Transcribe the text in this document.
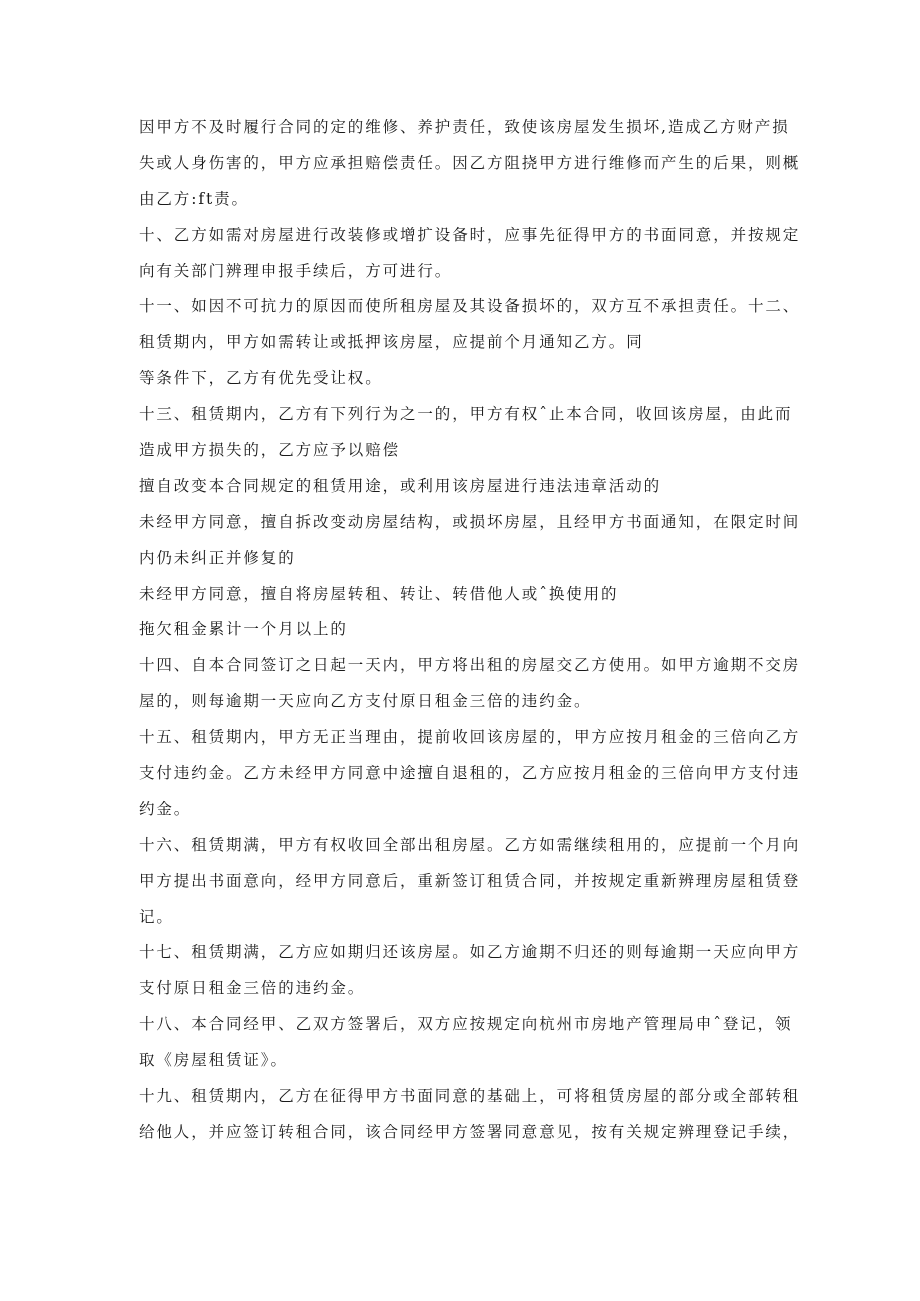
因甲方不及时履行合同的定的维修、养护责任，致使该房屋发生损坏,造成乙方财产损
失或人身伤害的，甲方应承担赔偿责任。因乙方阻挠甲方进行维修而产生的后果，则概
由乙方:ft责。
十、乙方如需对房屋进行改装修或增扩设备时，应事先征得甲方的书面同意，并按规定
向有关部门辨理申报手续后，方可进行。
十一、如因不可抗力的原因而使所租房屋及其设备损坏的，双方互不承担责任。十二、
租赁期内，甲方如需转让或抵押该房屋，应提前个月通知乙方。同
等条件下，乙方有优先受让权。
十三、租赁期内，乙方有下列行为之一的，甲方有权ˆ止本合同，收回该房屋，由此而
造成甲方损失的，乙方应予以赔偿
擅自改变本合同规定的租赁用途，或利用该房屋进行违法违章活动的
未经甲方同意，擅自拆改变动房屋结构，或损坏房屋，且经甲方书面通知，在限定时间
内仍未纠正并修复的
未经甲方同意，擅自将房屋转租、转让、转借他人或ˆ换使用的
拖欠租金累计一个月以上的
十四、自本合同签订之日起一天内，甲方将出租的房屋交乙方使用。如甲方逾期不交房
屋的，则每逾期一天应向乙方支付原日租金三倍的违约金。
十五、租赁期内，甲方无正当理由，提前收回该房屋的，甲方应按月租金的三倍向乙方
支付违约金。乙方未经甲方同意中途擅自退租的，乙方应按月租金的三倍向甲方支付违
约金。
十六、租赁期满，甲方有权收回全部出租房屋。乙方如需继续租用的，应提前一个月向
甲方提出书面意向，经甲方同意后，重新签订租赁合同，并按规定重新辨理房屋租赁登
记。
十七、租赁期满，乙方应如期归还该房屋。如乙方逾期不归还的则每逾期一天应向甲方
支付原日租金三倍的违约金。
十八、本合同经甲、乙双方签署后，双方应按规定向杭州市房地产管理局申ˆ登记，领
取《房屋租赁证》。
十九、租赁期内，乙方在征得甲方书面同意的基础上，可将租赁房屋的部分或全部转租
给他人，并应签订转租合同，该合同经甲方签署同意意见，按有关规定辨理登记手续，
